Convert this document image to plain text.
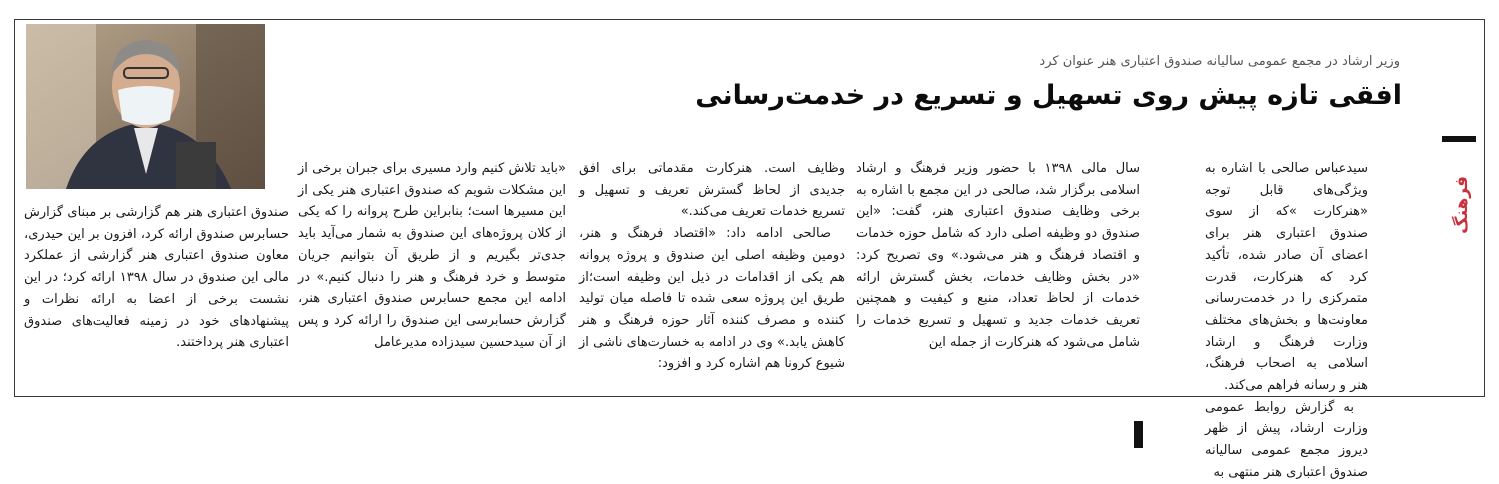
فرهنگ
وزیر ارشاد در مجمع عمومی سالیانه صندوق اعتباری هنر عنوان کرد
افقی تازه پیش روی تسهیل و تسریع در خدمت‌رسانی

سیدعباس صالحی با اشاره به ویژگی‌های قابل توجه «هنرکارت »که از سوی صندوق اعتباری هنر برای اعضای آن صادر شده، تأکید کرد که هنرکارت، قدرت متمرکزی را در خدمت‌رسانی معاونت‌ها و بخش‌های مختلف وزارت فرهنگ و ارشاد اسلامی به اصحاب فرهنگ، هنر و رسانه فراهم می‌کند.

به گزارش روابط عمومی وزارت ارشاد، پیش از ظهر دیروز مجمع عمومی سالیانه صندوق اعتباری هنر منتهی به

سال مالی ۱۳۹۸ با حضور وزیر فرهنگ و ارشاد اسلامی برگزار شد، صالحی در این مجمع با اشاره به برخی وظایف صندوق اعتباری هنر، گفت: «این صندوق دو وظیفه اصلی دارد که شامل حوزه خدمات و اقتصاد فرهنگ و هنر می‌شود.» وی تصریح کرد: «در بخش وظایف خدمات، بخش گسترش ارائه خدمات از لحاظ تعداد، منبع و کیفیت و همچنین تعریف خدمات جدید و تسهیل و تسریع خدمات را شامل می‌شود که هنرکارت از جمله این

وظایف است. هنرکارت مقدماتی برای افق جدیدی از لحاظ گسترش تعریف و تسهیل و تسریع خدمات تعریف می‌کند.»

صالحی ادامه داد: «اقتصاد فرهنگ و هنر، دومین وظیفه اصلی این صندوق و پروژه پروانه هم یکی از اقدامات در ذیل این وظیفه است؛از طریق این پروژه سعی شده تا فاصله میان تولید کننده و مصرف کننده آثار حوزه فرهنگ و هنر کاهش یابد.» وی در ادامه به خسارت‌های ناشی از شیوع کرونا هم اشاره کرد و افزود:

«باید تلاش کنیم وارد مسیری برای جبران برخی از این مشکلات شویم که صندوق اعتباری هنر یکی از این مسیرها است؛ بنابراین طرح پروانه را که یکی از کلان پروژه‌های این صندوق به شمار می‌آید باید جدی‌تر بگیریم و از طریق آن بتوانیم جریان متوسط و خرد فرهنگ و هنر را دنبال کنیم.» در ادامه این مجمع حسابرس صندوق اعتباری هنر، گزارش حسابرسی این صندوق را ارائه کرد و پس از آن سیدحسین سیدزاده مدیرعامل

صندوق اعتباری هنر هم گزارشی بر مبنای گزارش حسابرس صندوق ارائه کرد، افزون بر این حیدری، معاون صندوق اعتباری هنر گزارشی از عملکرد مالی این صندوق در سال ۱۳۹۸ ارائه کرد؛ در این نشست برخی از اعضا به ارائه نظرات و پیشنهادهای خود در زمینه فعالیت‌های صندوق اعتباری هنر پرداختند.
